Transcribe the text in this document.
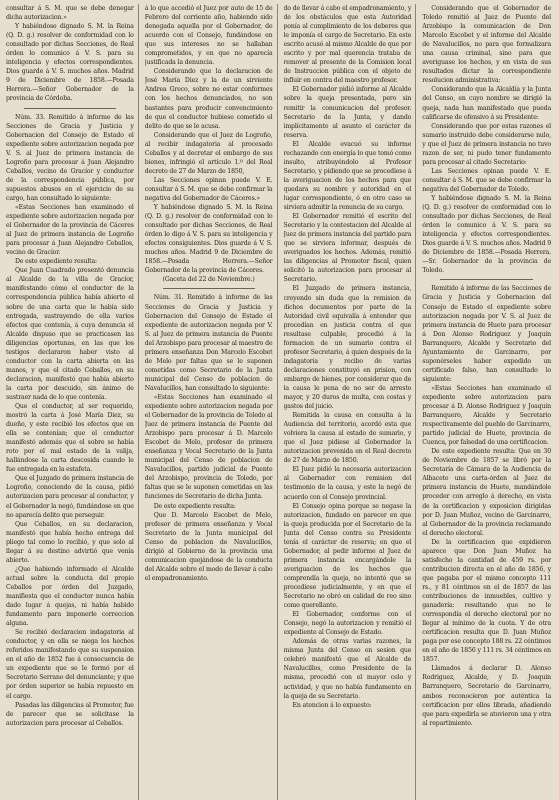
consultar á S. M. que se debe denegar dicha autorizacion.»

Y habiéndose dignado S. M. la Reina (Q. D. g.) resolver de conformidad con lo consultado por dichas Secciones, de Real órden lo comunico á V. S. para su inteligencia y efectos correspondientes. Dios guarde á V. S. muchos años. Madrid 9 de Diciembre de 1858.—Posada Herrera.—Señor Gobernador de la provincia de Córdoba.

Núm. 33. Remitido á informe de las Secciones de Gracia y Justicia y Gobernacion del Consejo de Estado el expediente sobre autorizacion negada por V. S. al Juez de primera instancia de Logroño para procesar á Juan Alejandro Ceballos, vecino de Gracíor y conductor de la correspondencia pública, por supuestos abusos en el ejercicio de su cargo, han consultado lo siguiente:

«Estas Secciones han examinado el expediente sobre autorizacion negada por el Gobernador de la provincia de Cáceres al Juez de primera instancia de Logroño para procesar á Juan Alejandro Ceballos, vecino de Gracíor.

De este expediente resulta:

Que Juan Cuadrado presentó denuncia al Alcalde de la villa de Gracíor, manifestando cómo el conductor de la correspondencia pública había abierto el sobre de una carta que le había sido entregada, sustrayendo de ella varios efectos que contenía, á cuya denuncia el Alcalde dispuso que se practicasen las diligencias oportunas, en las que los testigos declararon haber visto al conductor con la carta abierta en las manos, y que el citado Ceballos, en su declaracion, manifestó que había abierto la carta por descuido, sin ánimo de sustraer nada de lo que contenía.

Que el conductor, al ser requerido, mostró la carta á José María Diez, su dueño, y este recibió los efectos que en ella se contenían; que el conductor manifestó además que el sobre se había roto por el mal estado de la valija, hallándose la carta descosida cuando le fue entregada en la estafeta.

Que el Juzgado de primera instancia de Logroño, conociendo de la causa, pidió autorizacion para procesar al conductor, y el Gobernador la negó, fundándose en que no aparecía delito que perseguir.

Que Ceballos, en su declaracion, manifestó que había hecho entrega del pliego tal como lo recibió, y que solo al llegar á su destino advirtió que venía abierto.

¿Que habiendo informado el Alcalde actual sobre la conducta del propio Ceballos por órden del Juzgado, manifiesta que el conductor nunca había dado lugar á quejas, ni había habido fundamento para imponerle correccion alguna.

Se recibió declaracion indagatoria al conductor, y en ella se niega los hechos referidos manifestando que su suspension en el año de 1852 fue á consecuencia de un expediente que se le formó por el Secretario Serrano del denunciante; y que por órden superior se había repuesto en el cargo.

Pasadas las diligencias al Promotor, fue de parecer que se solicitase la autorizacion para procesar al Ceballos.

á lo que accedió el Juez por auto de 15 de Febrero del corriente año, habiendo sido denegada aquella por el Gobernador, de acuerdo con el Consejo, fundándose en que sus intereses no se hallaban comprometidos, y en que no aparecía justificada la denuncia.

Considerando que la declaracion de José María Diez y la de un sirviente Andrea Greco, sobre no estar conformes con los hechos denunciados, no son bastantes para producir convencimiento de que el conductor hubiese cometido el delito de que se le acusa.

Considerando que el Juez de Logroño, al recibir indagatoria al procesado Ceballos y al decretar el embargo de sus bienes, infringió el artículo 1.º del Real decreto de 27 de Marzo de 1850,

Las Secciones opinan puede V. E. consultar á S. M. que se debe confirmar la negativa del Gobernador de Cáceres.»

Y habiéndose dignado S. M. la Reina (Q. D. g.) resolver de conformidad con lo consultado por dichas Secciones, de Real órden lo digo á V. S. para su inteligencia y efectos consiguientes. Dios guarde á V. S. muchos años. Madrid 9 de Diciembre de 1858.—Posada Herrera.—Señor Gobernador de la provincia de Cáceres.

(Gaceta del 22 de Noviembre.)

Núm. 31. Remitido á informe de las Secciones de Gracia y Justicia y Gobernacion del Consejo de Estado el expediente de autorizacion negada por V. S. al Juez de primera instancia de Puente del Arzobispo para procesar al maestro de primera enseñanza Don Marcelo Escobet de Melo por faltas que se le suponen cometidas como Secretario de la Junta municipal del Censo de poblacion de Navalucillos, han consultado lo siguiente:

«Estas Secciones han examinado el expediente sobre autorizacion negada por el Gobernador de la provincia de Toledo al Juez de primera instancia de Puente del Arzobispo para procesar á D. Marcelo Escobet de Melo, profesor de primera enseñanza y Vocal Secretario de la Junta municipal del Censo de poblacion de Navalucillos, partido judicial de Puente del Arzobispo, provincia de Toledo, por faltas que se le suponen cometidas en las funciones de Secretario de dicha Junta.

De este expediente resulta:

Que D. Marcelo Escobet de Melo, profesor de primera enseñanza y Vocal Secretario de la Junta municipal del Censo de poblacion de Navalucillos, dirigió al Gobierno de la provincia una comunicacion quejándose de la conducta del Alcalde sobre el modo de llevar á cabo el empadronamiento.

do de llevar á cabo el empadronamiento, y de los obstáculos que esta Autoridad ponía al cumplimiento de los deberes que le imponía el cargo de Secretario. En este escrito acusó al mismo Alcalde de que por escrito y por mal querencia trataba de remover al presente de la Comision local de Instruccion pública con el objeto de influir en contra del maestro profesor.

El Gobernador pidió informe al Alcalde sobre la queja presentada, pero sin remitir la comunicacion del profesor. Secretario de la Junta, y dando implícitamente al asunto el carácter de reserva.

El Alcalde evacuó su informe rechazando con energía lo que tomó como insulto, atribuyéndolo al Profesor Secretario, y pidiendo que se procediese á la averiguacion de los hechos para que quedara su nombre y autoridad en el lugar correspondiente, ó en otro caso se sirviera admitir la renuncia de su cargo.

El Gobernador remitió el escrito del Secretario y la contestacion del Alcalde al Juez de primera instancia del partido para que se sirviera informar, después de averiguados los hechos. Además, remitió las diligencias al Promotor fiscal, quien solicitó la autorizacion para procesar al Secretario.

El Juzgado de primera instancia, creyendo sin duda que la remision de dichos documentos por parte de la Autoridad civil equivalía á entender que procedían en justicia contra el que resultase culpable, procedió á la formacion de un sumario contra el profesor Secretario, á quien después de la indagatoria y recibo de varias declaraciones constituyó en prision, con embargo de bienes, por considerar que de la causa le pena de no ser de arresto mayor, y 20 duros de multa, con costas y gastos del juicio.

Remitida la causa en consulta á la Audiencia del territorio, acordó esta que volviera la causa al estado de sumario, y que el Juez pidiese al Gobernador la autorizacion prevenida en el Real decreto de 27 de Marzo de 1850.

El Juez pidió la necesaria autorizacion al Gobernador con remision del testimonio de la causa, y este la negó de acuerdo con el Consejo provincial.

El Consejo opina porque se negase la autorizacion, fundado en parecer en que la queja producida por el Secretario de la Junta del Censo contra su Presidente tenía el carácter de reserva; en que el Gobernador, al pedir informe al Juez de primera instancia encargándole la averiguacion de los hechos que comprendía la queja, no intentó que se procediese judicialmente, y en que el Secretario no obró en calidad de reo sino como querellante.

El Gobernador, conforme con el Consejo, negó la autorizacion y remitió el expediente al Consejo de Estado.

Además de otras varias razones, la misma Junta del Censo en sesion que celebró manifestó que el Alcalde de Navalucillos, como Presidente de la misma, procedió con el mayor celo y actividad, y que no había fundamento en la queja de su Secretario.

En atencion á lo expuesto:

Considerando que el Gobernador de Toledo remitió al Juez de Puente del Arzobispo la comunicacion de Don Marcelo Escobet y el informe del Alcalde de Navalucillos, no para que formalizara una causa criminal, sino para que averiguase los hechos, y en vista de sus resultados dictar la correspondiente resolucion administrativa:

Considerando que la Alcaldía y la Junta del Censo, en cuyo nombre se dirigió la queja, nada han manifestado que pueda calificarse de ofensivo á su Presidente:

Considerando que por estas razones el sumario instruido debe considerarse nulo, y que el Juez de primera instancia no tuvo razon de ser, ni pudo tener fundamento para procesar al citado Secretario:

Las Secciones opinan puede V. E. consultar á S. M. que se debe confirmar la negativa del Gobernador de Toledo.

Y habiéndose dignado S. M. la Reina (Q. D. g.) resolver de conformidad con lo consultado por dichas Secciones, de Real órden lo comunico á V. S. para su inteligencia y efectos correspondientes. Dios guarde á V. S. muchos años. Madrid 9 de Diciembre de 1858.—Posada Herrera.—Sr. Gobernador de la provincia de Toledo.

Remitido á informe de las Secciones de Gracia y Justicia y Gobernacion del Consejo de Estado el expediente sobre autorizacion negada por V. S. al Juez de primera instancia de Huete para procesar á Don Alonso Rodriguez y Joaquin Barranquero, Alcalde y Secretario del Ayuntamiento de Garcinarro, por suponérseles haber expedido un certificado falso, han consultado lo siguiente:

«Estas Secciones han examinado el expediente sobre autorizacion para procesar á D. Alonso Rodriguez y Joaquin Barranquero, Alcalde y Secretario respectivamente del pueblo de Garcinarro, partido judicial de Huete, provincia de Cuenca, por falsedad de una certificacion.

De este expediente resulta: Que en 30 de Noviembre de 1857 se libró por la Secretaría de Cámara de la Audiencia de Albacete una carta-órden al Juez de primera instancia de Huete, mandándole proceder con arreglo á derecho, en vista de la certificacion y exposicion dirigidas por D. Juan Muñoz, vecino de Garcinarro, al Gobernador de la provincia reclamando el derecho electoral.

De la certificacion que expidieron aparece que Don Juan Muñoz ha satisfecho la cantidad de 459 rs. por contribucion directa en el año de 1856, y que pagaba por el mismo concepto 111 rs., y 81 céntimos en el de 1857 de las contribuciones de inmuebles, cultivo y ganadería: resultando que no le correspondía el derecho electoral por no llegar al mínimo de la cuota. Y de otra certificacion resulta que D. Juan Muñoz paga por ese concepto 188 rs. 22 céntimos en el año de 1856 y 111 rs. 34 céntimos en 1857.

Llamados á declarar D. Alonso Rodriguez, Alcalde, y D. Joaquin Barranquero, Secretario de Garcinarro, ambos reconocieron por auténtica la certificacion por ellos librada, añadiendo que para expedirla se atuvieron una y otra al repartimiento.
